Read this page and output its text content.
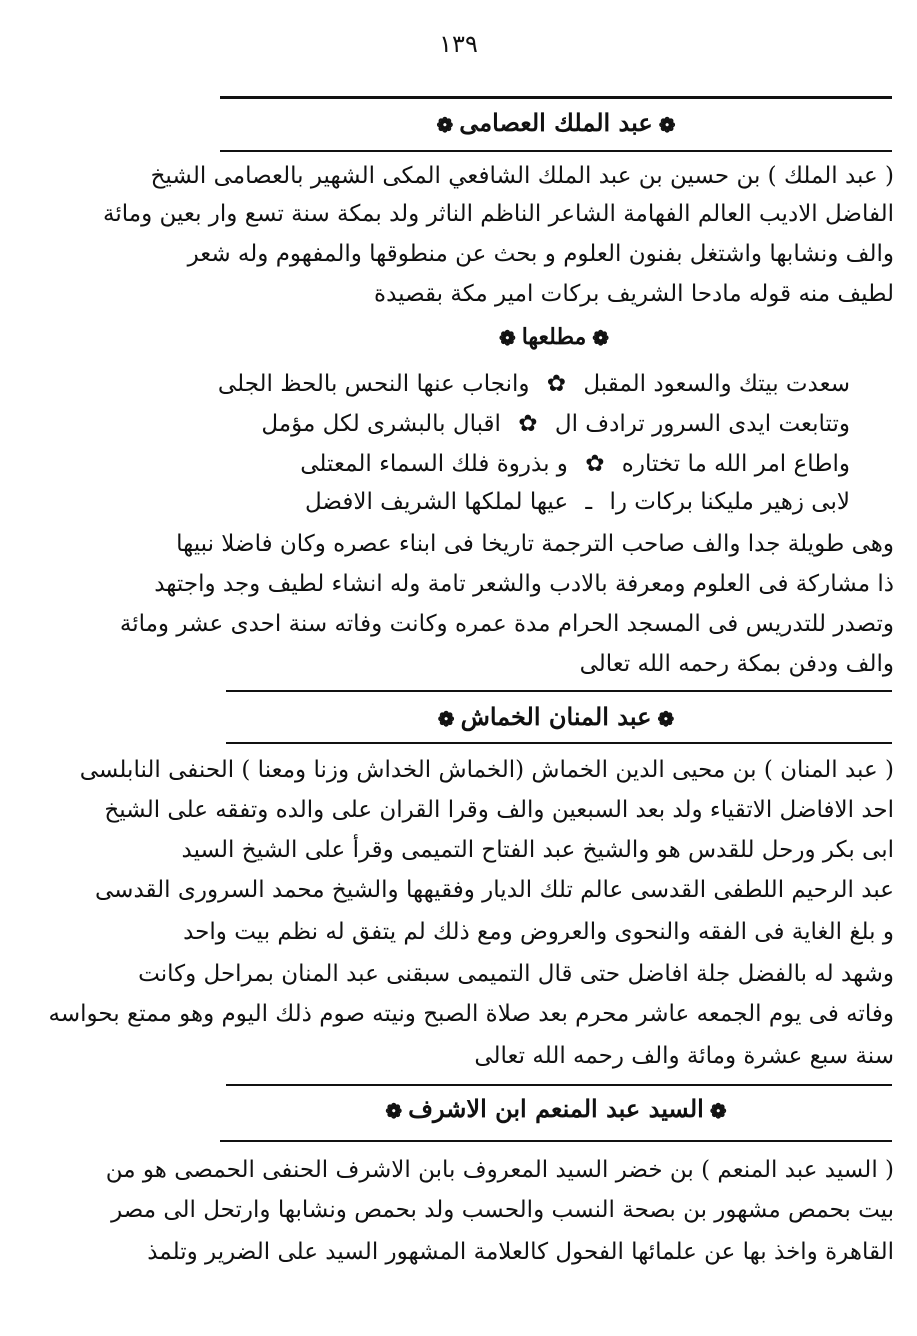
١٣٩
❁عبد الملك العصامى❁
( عبد الملك ) بن حسين بن عبد الملك الشافعي المكى الشهير بالعصامى الشيخ
الفاضل الاديب العالم الفهامة الشاعر الناظم الناثر ولد بمكة سنة تسع وار بعين ومائة
والف ونشابها واشتغل بفنون العلوم و بحث عن منطوقها والمفهوم وله شعر
لطيف منه قوله مادحا الشريف بركات امير مكة بقصيدة
❁مطلعها❁
سعدت بيتك والسعود المقبل ✿ وانجاب عنها النحس بالحظ الجلى
وتتابعت ايدى السرور ترادف ال ✿ اقبال بالبشرى لكل مؤمل
واطاع امر الله ما تختاره ✿ و بذروة فلك السماء المعتلى
لابى زهير مليكنا بركات را ـ عيها لملكها الشريف الافضل
وهى طويلة جدا والف صاحب الترجمة تاريخا فى ابناء عصره وكان فاضلا نبيها
ذا مشاركة فى العلوم ومعرفة بالادب والشعر تامة وله انشاء لطيف وجد واجتهد
وتصدر للتدريس فى المسجد الحرام مدة عمره وكانت وفاته سنة احدى عشر ومائة
والف ودفن بمكة رحمه الله تعالى
❁عبد المنان الخماش❁
( عبد المنان ) بن محيى الدين الخماش (الخماش الخداش وزنا ومعنا ) الحنفى النابلسى
احد الافاضل الاتقياء ولد بعد السبعين والف وقرا القران على والده وتفقه على الشيخ
ابى بكر ورحل للقدس هو والشيخ عبد الفتاح التميمى وقرأ على الشيخ السيد
عبد الرحيم اللطفى القدسى عالم تلك الديار وفقيهها والشيخ محمد السرورى القدسى
و بلغ الغاية فى الفقه والنحوى والعروض ومع ذلك لم يتفق له نظم بيت واحد
وشهد له بالفضل جلة افاضل حتى قال التميمى سبقنى عبد المنان بمراحل وكانت
وفاته فى يوم الجمعه عاشر محرم بعد صلاة الصبح ونيته صوم ذلك اليوم وهو ممتع بحواسه
سنة سبع عشرة ومائة والف رحمه الله تعالى
❁السيد عبد المنعم ابن الاشرف❁
( السيد عبد المنعم ) بن خضر السيد المعروف بابن الاشرف الحنفى الحمصى هو من
بيت بحمص مشهور بن بصحة النسب والحسب ولد بحمص ونشابها وارتحل الى مصر
القاهرة واخذ بها عن علمائها الفحول كالعلامة المشهور السيد على الضرير وتلمذ
